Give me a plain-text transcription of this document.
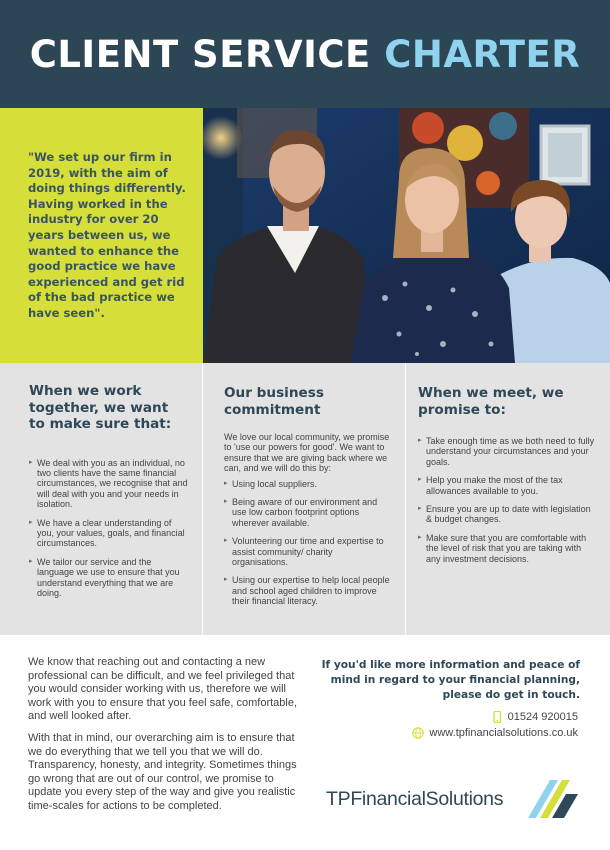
CLIENT SERVICE CHARTER

"We set up our firm in 2019, with the aim of doing things differently. Having worked in the industry for over 20 years between us, we wanted to enhance the good practice we have experienced and get rid of the bad practice we have seen".

When we work together, we want to make sure that:
▸ We deal with you as an individual, no two clients have the same financial circumstances, we recognise that and will deal with you and your needs in isolation.
▸ We have a clear understanding of you, your values, goals, and financial circumstances.
▸ We tailor our service and the language we use to ensure that you understand everything that we are doing.
Our business commitment

We love our local community, we promise to 'use our powers for good'. We want to ensure that we are giving back where we can, and we will do this by:

▸ Using local suppliers.
▸ Being aware of our environment and use low carbon footprint options wherever available.
▸ Volunteering our time and expertise to assist community/ charity organisations.
▸ Using our expertise to help local people and school aged children to improve their financial literacy.
When we meet, we promise to:
▸ Take enough time as we both need to fully understand your circumstances and your goals.
▸ Help you make the most of the tax allowances available to you.
▸ Ensure you are up to date with legislation & budget changes.
▸ Make sure that you are comfortable with the level of risk that you are taking with any investment decisions.

We know that reaching out and contacting a new professional can be difficult, and we feel privileged that you would consider working with us, therefore we will work with you to ensure that you feel safe, comfortable, and well looked after.

With that in mind, our overarching aim is to ensure that we do everything that we tell you that we will do. Transparency, honesty, and integrity. Sometimes things go wrong that are out of our control, we promise to update you every step of the way and give you realistic time-scales for actions to be completed.

If you'd like more information and peace of mind in regard to your financial planning, please do get in touch.

01524 920015
www.tpfinancialsolutions.co.uk
TPFinancialSolutions
